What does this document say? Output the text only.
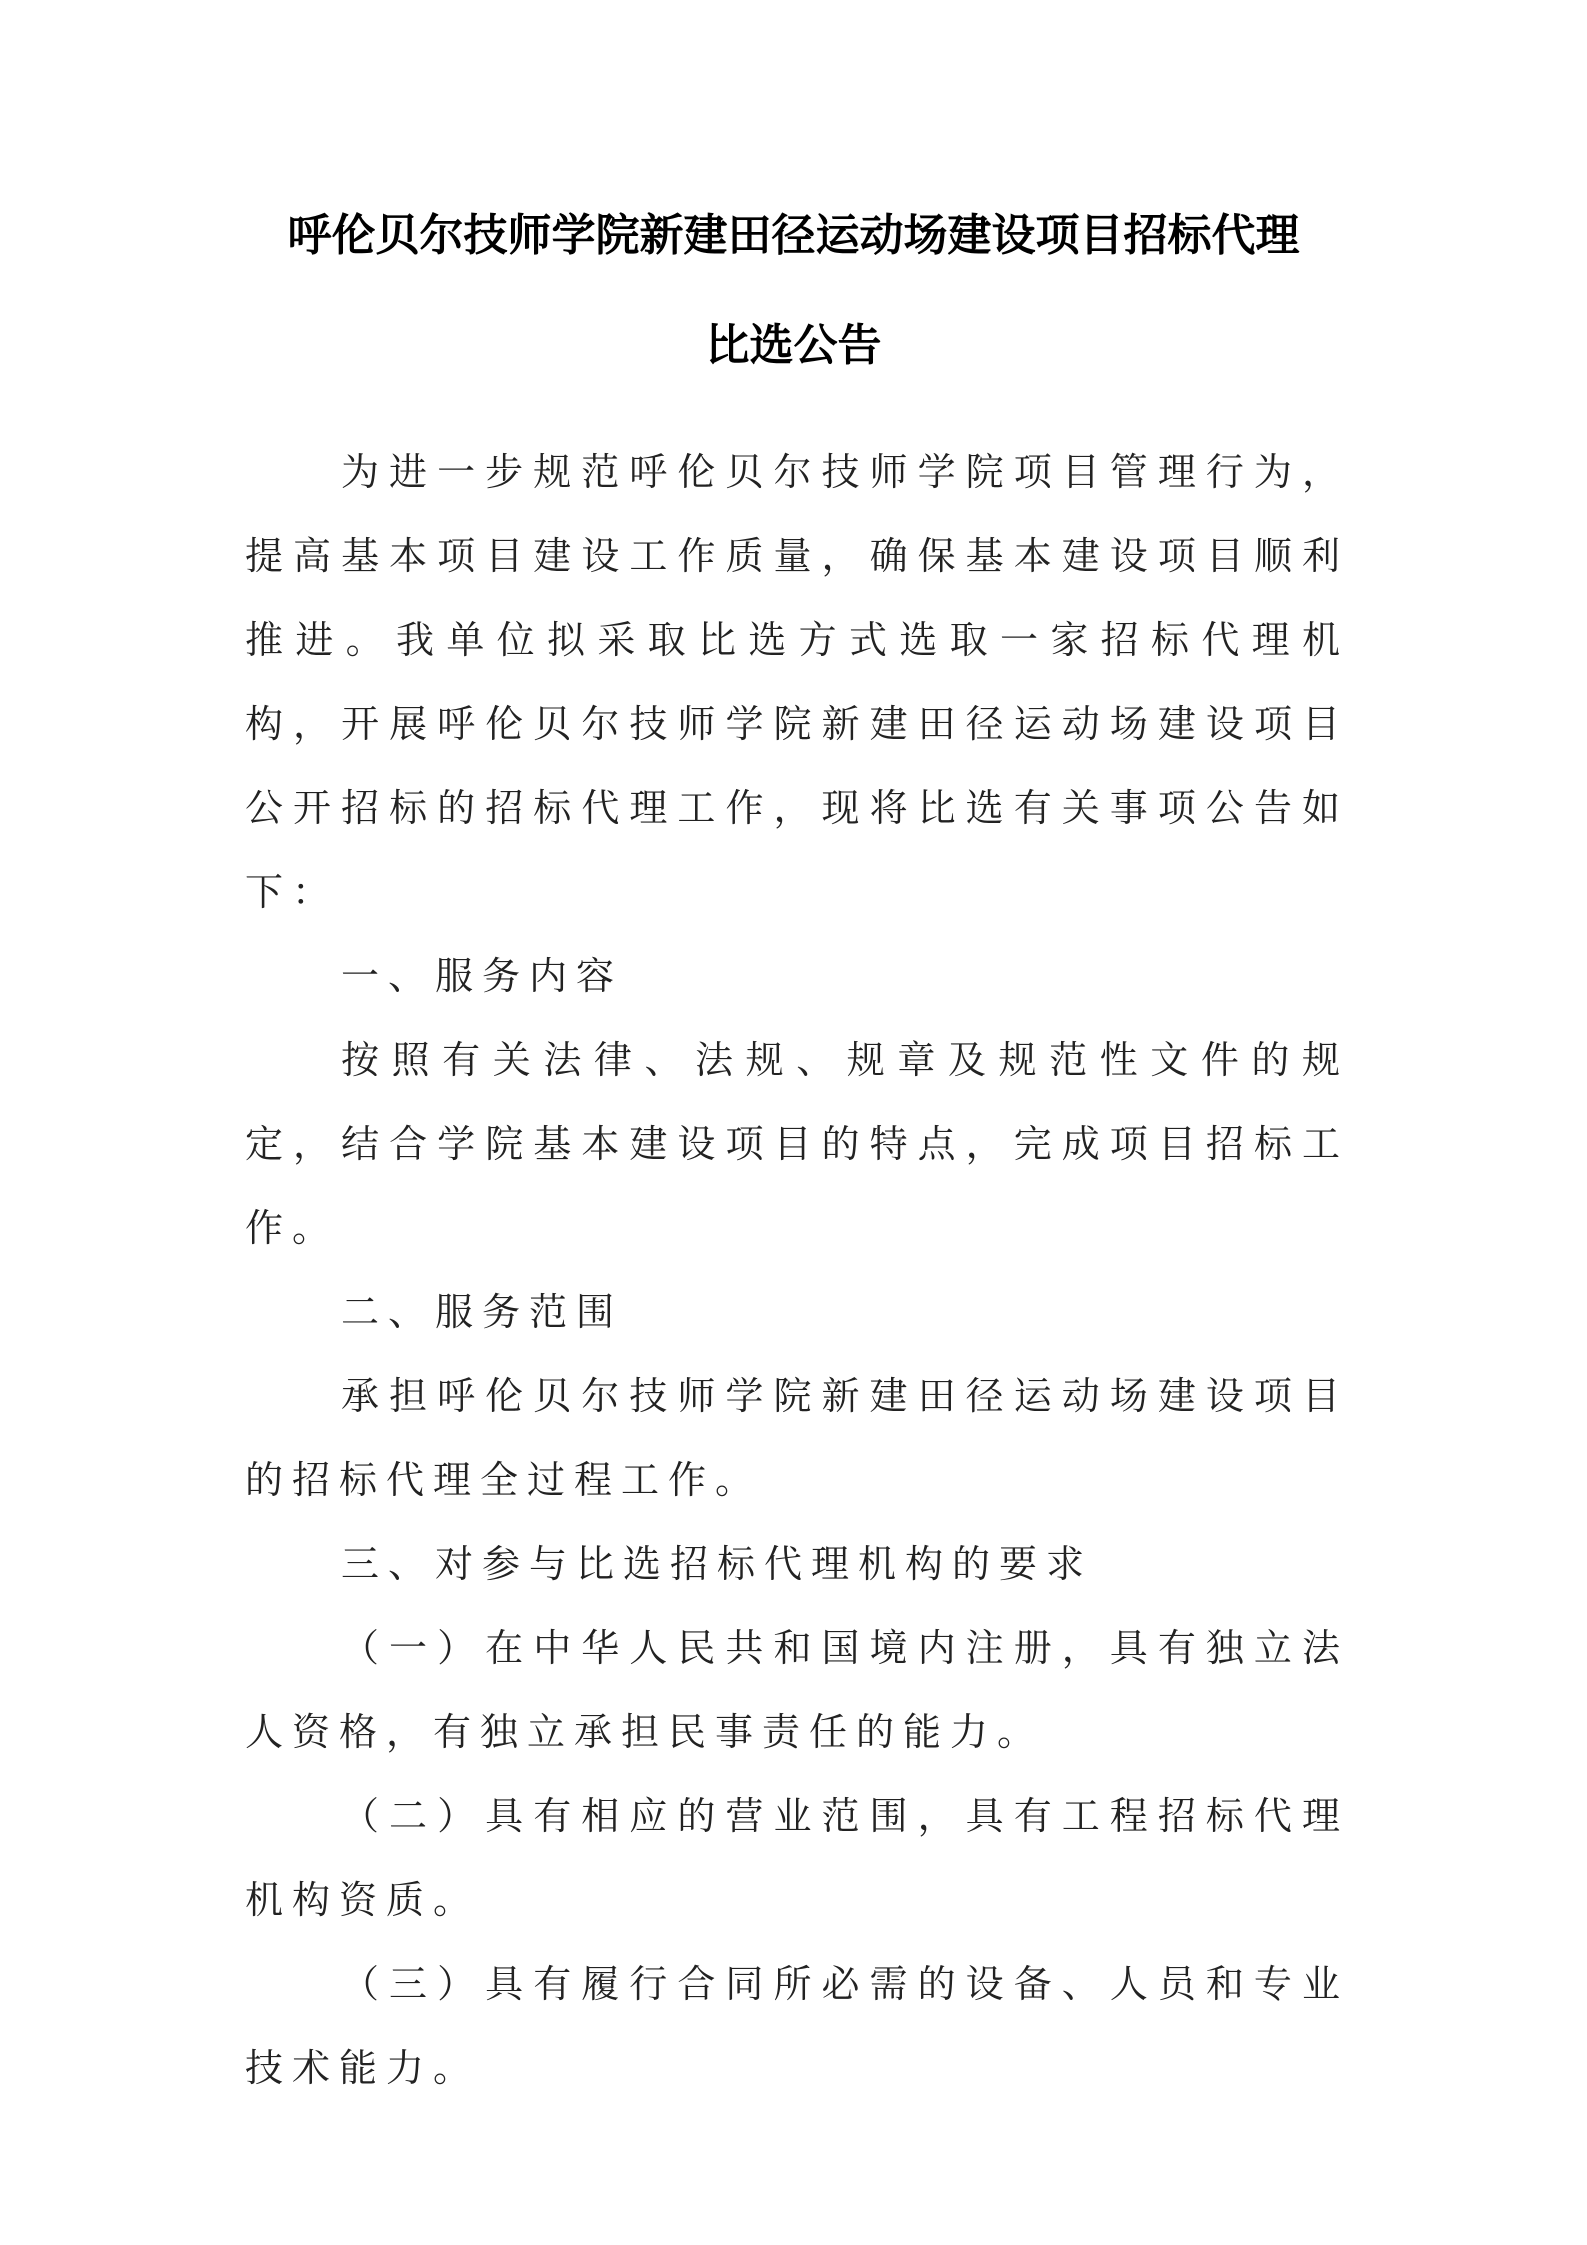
呼伦贝尔技师学院新建田径运动场建设项目招标代理
比选公告

为进一步规范呼伦贝尔技师学院项目管理行为，提高基本项目建设工作质量，确保基本建设项目顺利推进。我单位拟采取比选方式选取一家招标代理机构，开展呼伦贝尔技师学院新建田径运动场建设项目公开招标的招标代理工作，现将比选有关事项公告如下：

一、服务内容

按照有关法律、法规、规章及规范性文件的规定，结合学院基本建设项目的特点，完成项目招标工作。

二、服务范围

承担呼伦贝尔技师学院新建田径运动场建设项目的招标代理全过程工作。

三、对参与比选招标代理机构的要求

（一）在中华人民共和国境内注册，具有独立法人资格，有独立承担民事责任的能力。

（二）具有相应的营业范围，具有工程招标代理机构资质。

（三）具有履行合同所必需的设备、人员和专业技术能力。
